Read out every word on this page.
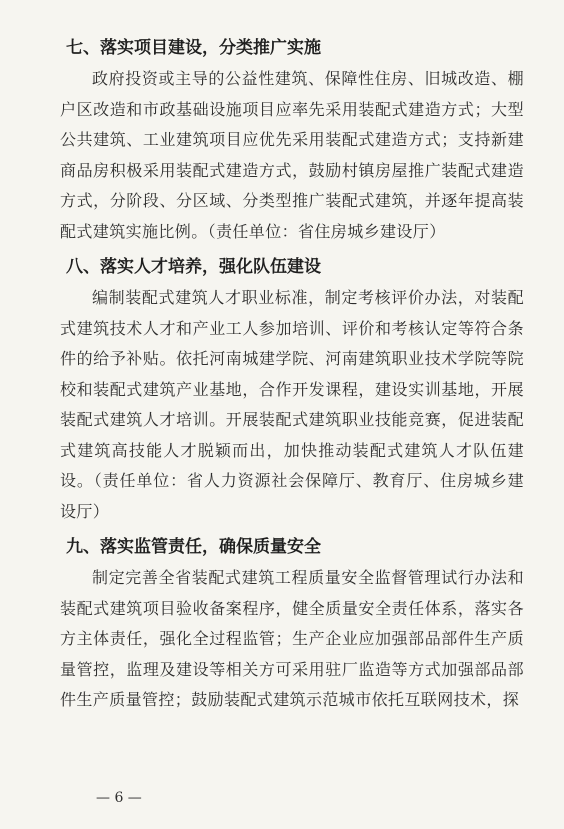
七、落实项目建设，分类推广实施

政府投资或主导的公益性建筑、保障性住房、旧城改造、棚户区改造和市政基础设施项目应率先采用装配式建造方式；大型公共建筑、工业建筑项目应优先采用装配式建造方式；支持新建商品房积极采用装配式建造方式，鼓励村镇房屋推广装配式建造方式，分阶段、分区域、分类型推广装配式建筑，并逐年提高装配式建筑实施比例。（责任单位：省住房城乡建设厅）

八、落实人才培养，强化队伍建设

编制装配式建筑人才职业标准，制定考核评价办法，对装配式建筑技术人才和产业工人参加培训、评价和考核认定等符合条件的给予补贴。依托河南城建学院、河南建筑职业技术学院等院校和装配式建筑产业基地，合作开发课程，建设实训基地，开展装配式建筑人才培训。开展装配式建筑职业技能竞赛，促进装配式建筑高技能人才脱颖而出，加快推动装配式建筑人才队伍建设。（责任单位：省人力资源社会保障厅、教育厅、住房城乡建设厅）

九、落实监管责任，确保质量安全

制定完善全省装配式建筑工程质量安全监督管理试行办法和装配式建筑项目验收备案程序，健全质量安全责任体系，落实各方主体责任，强化全过程监管；生产企业应加强部品部件生产质量管控，监理及建设等相关方可采用驻厂监造等方式加强部品部件生产质量管控；鼓励装配式建筑示范城市依托互联网技术，探

— 6 —
